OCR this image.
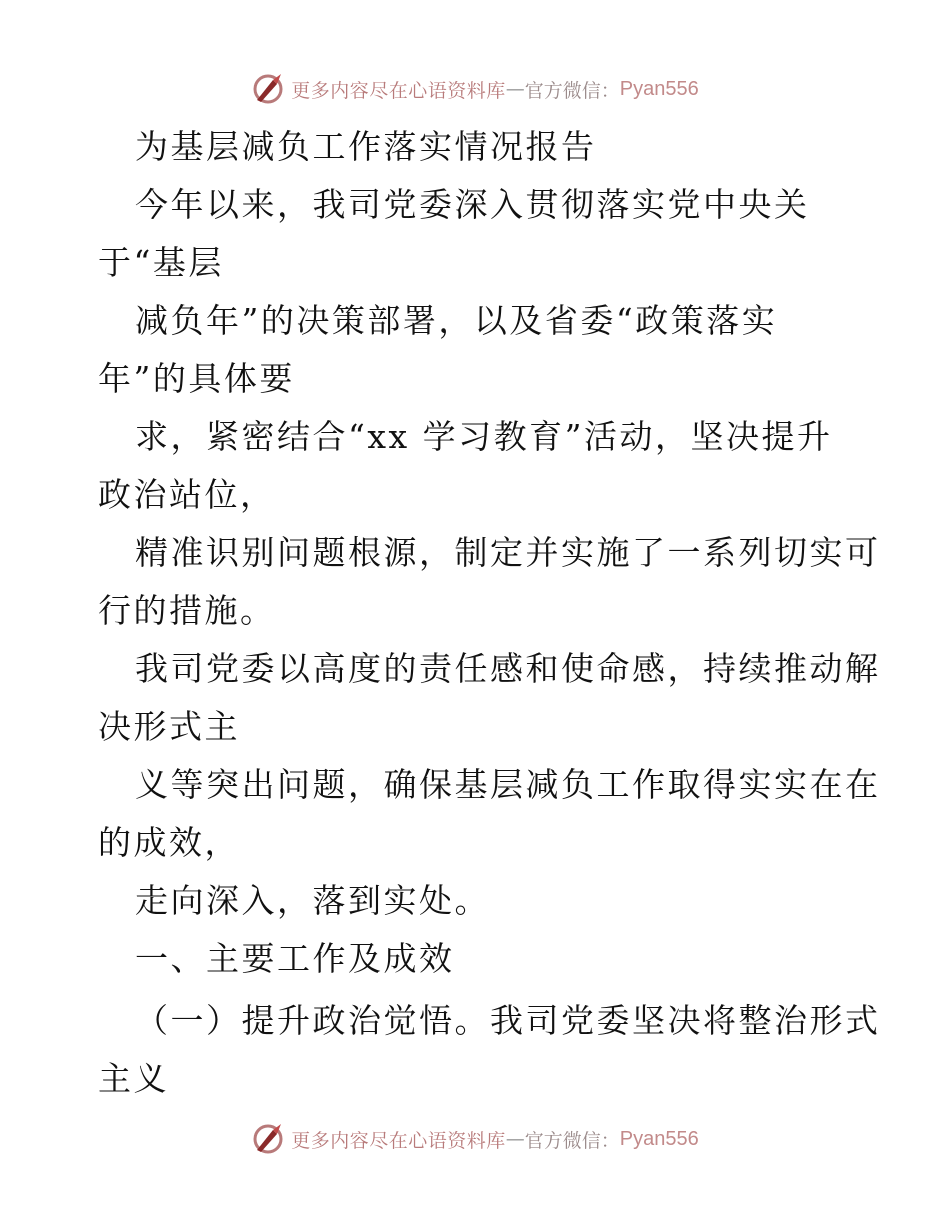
更多内容尽在心语资料库 — 官方微信： Pyan556
为基层减负工作落实情况报告
今年以来，我司党委深入贯彻落实党中央关
于“基层
减负年”的决策部署，以及省委“政策落实
年”的具体要
求，紧密结合“xx 学习教育”活动，坚决提升
政治站位，
精准识别问题根源，制定并实施了一系列切实可
行的措施。
我司党委以高度的责任感和使命感，持续推动解
决形式主
义等突出问题，确保基层减负工作取得实实在在
的成效，
走向深入，落到实处。
一、主要工作及成效
（一）提升政治觉悟。我司党委坚决将整治形式
主义
更多内容尽在心语资料库 — 官方微信： Pyan556
